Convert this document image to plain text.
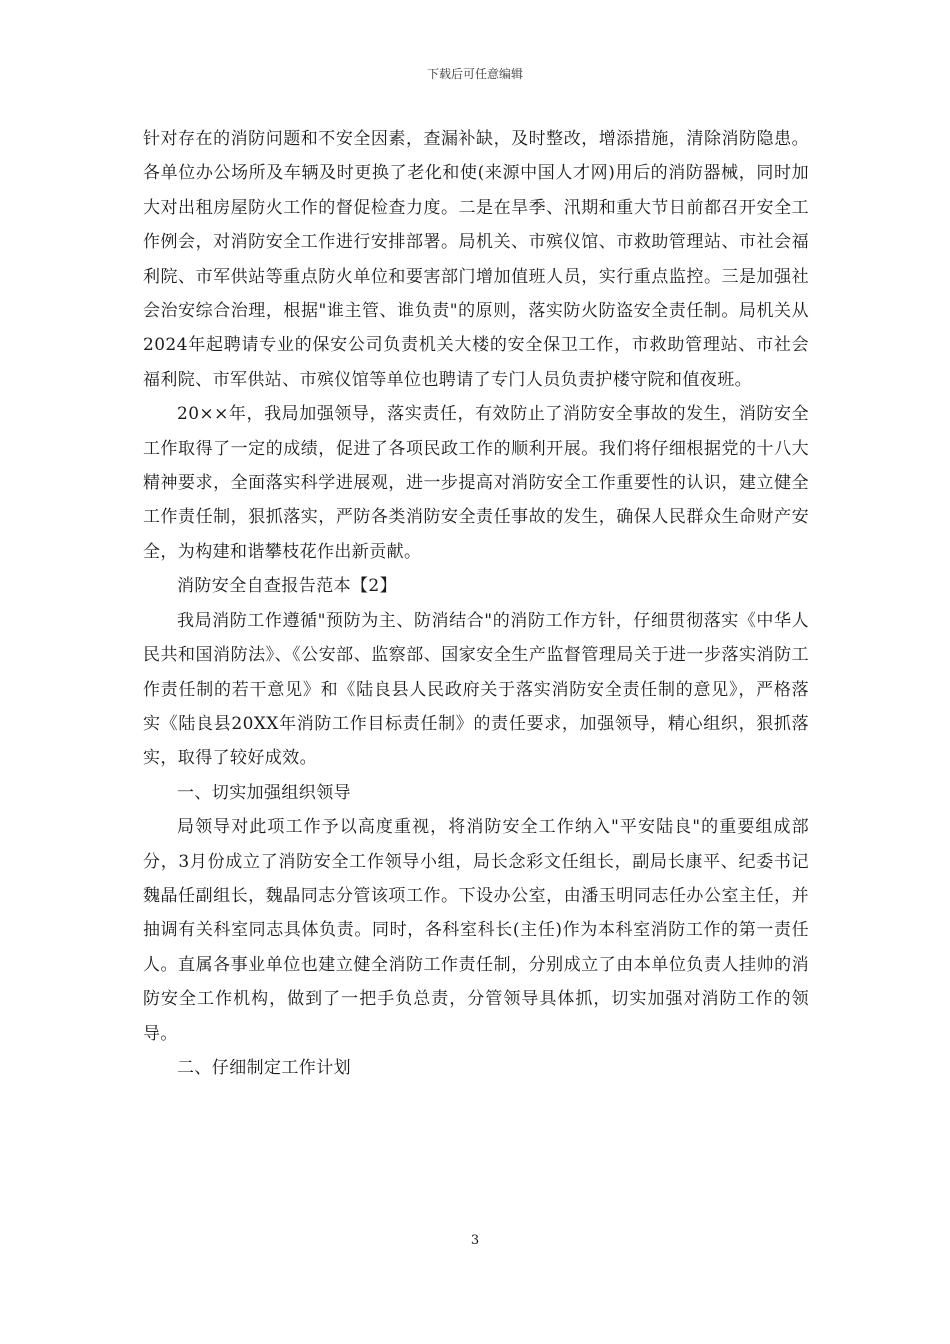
下载后可任意编辑

针对存在的消防问题和不安全因素，查漏补缺，及时整改，增添措施，清除消防隐患。各单位办公场所及车辆及时更换了老化和使(来源中国人才网)用后的消防器械，同时加大对出租房屋防火工作的督促检查力度。二是在旱季、汛期和重大节日前都召开安全工作例会，对消防安全工作进行安排部署。局机关、市殡仪馆、市救助管理站、市社会福利院、市军供站等重点防火单位和要害部门增加值班人员，实行重点监控。三是加强社会治安综合治理，根据"谁主管、谁负责"的原则，落实防火防盗安全责任制。局机关从2024年起聘请专业的保安公司负责机关大楼的安全保卫工作，市救助管理站、市社会福利院、市军供站、市殡仪馆等单位也聘请了专门人员负责护楼守院和值夜班。

20××年，我局加强领导，落实责任，有效防止了消防安全事故的发生，消防安全工作取得了一定的成绩，促进了各项民政工作的顺利开展。我们将仔细根据党的十八大精神要求，全面落实科学进展观，进一步提高对消防安全工作重要性的认识，建立健全工作责任制，狠抓落实，严防各类消防安全责任事故的发生，确保人民群众生命财产安全，为构建和谐攀枝花作出新贡献。

消防安全自查报告范本【2】

我局消防工作遵循"预防为主、防消结合"的消防工作方针，仔细贯彻落实《中华人民共和国消防法》、《公安部、监察部、国家安全生产监督管理局关于进一步落实消防工作责任制的若干意见》和《陆良县人民政府关于落实消防安全责任制的意见》，严格落实《陆良县20XX年消防工作目标责任制》的责任要求，加强领导，精心组织，狠抓落实，取得了较好成效。

一、切实加强组织领导

局领导对此项工作予以高度重视，将消防安全工作纳入"平安陆良"的重要组成部分，3月份成立了消防安全工作领导小组，局长念彩文任组长，副局长康平、纪委书记魏晶任副组长，魏晶同志分管该项工作。下设办公室，由潘玉明同志任办公室主任，并抽调有关科室同志具体负责。同时，各科室科长(主任)作为本科室消防工作的第一责任人。直属各事业单位也建立健全消防工作责任制，分别成立了由本单位负责人挂帅的消防安全工作机构，做到了一把手负总责，分管领导具体抓，切实加强对消防工作的领导。

二、仔细制定工作计划

3
